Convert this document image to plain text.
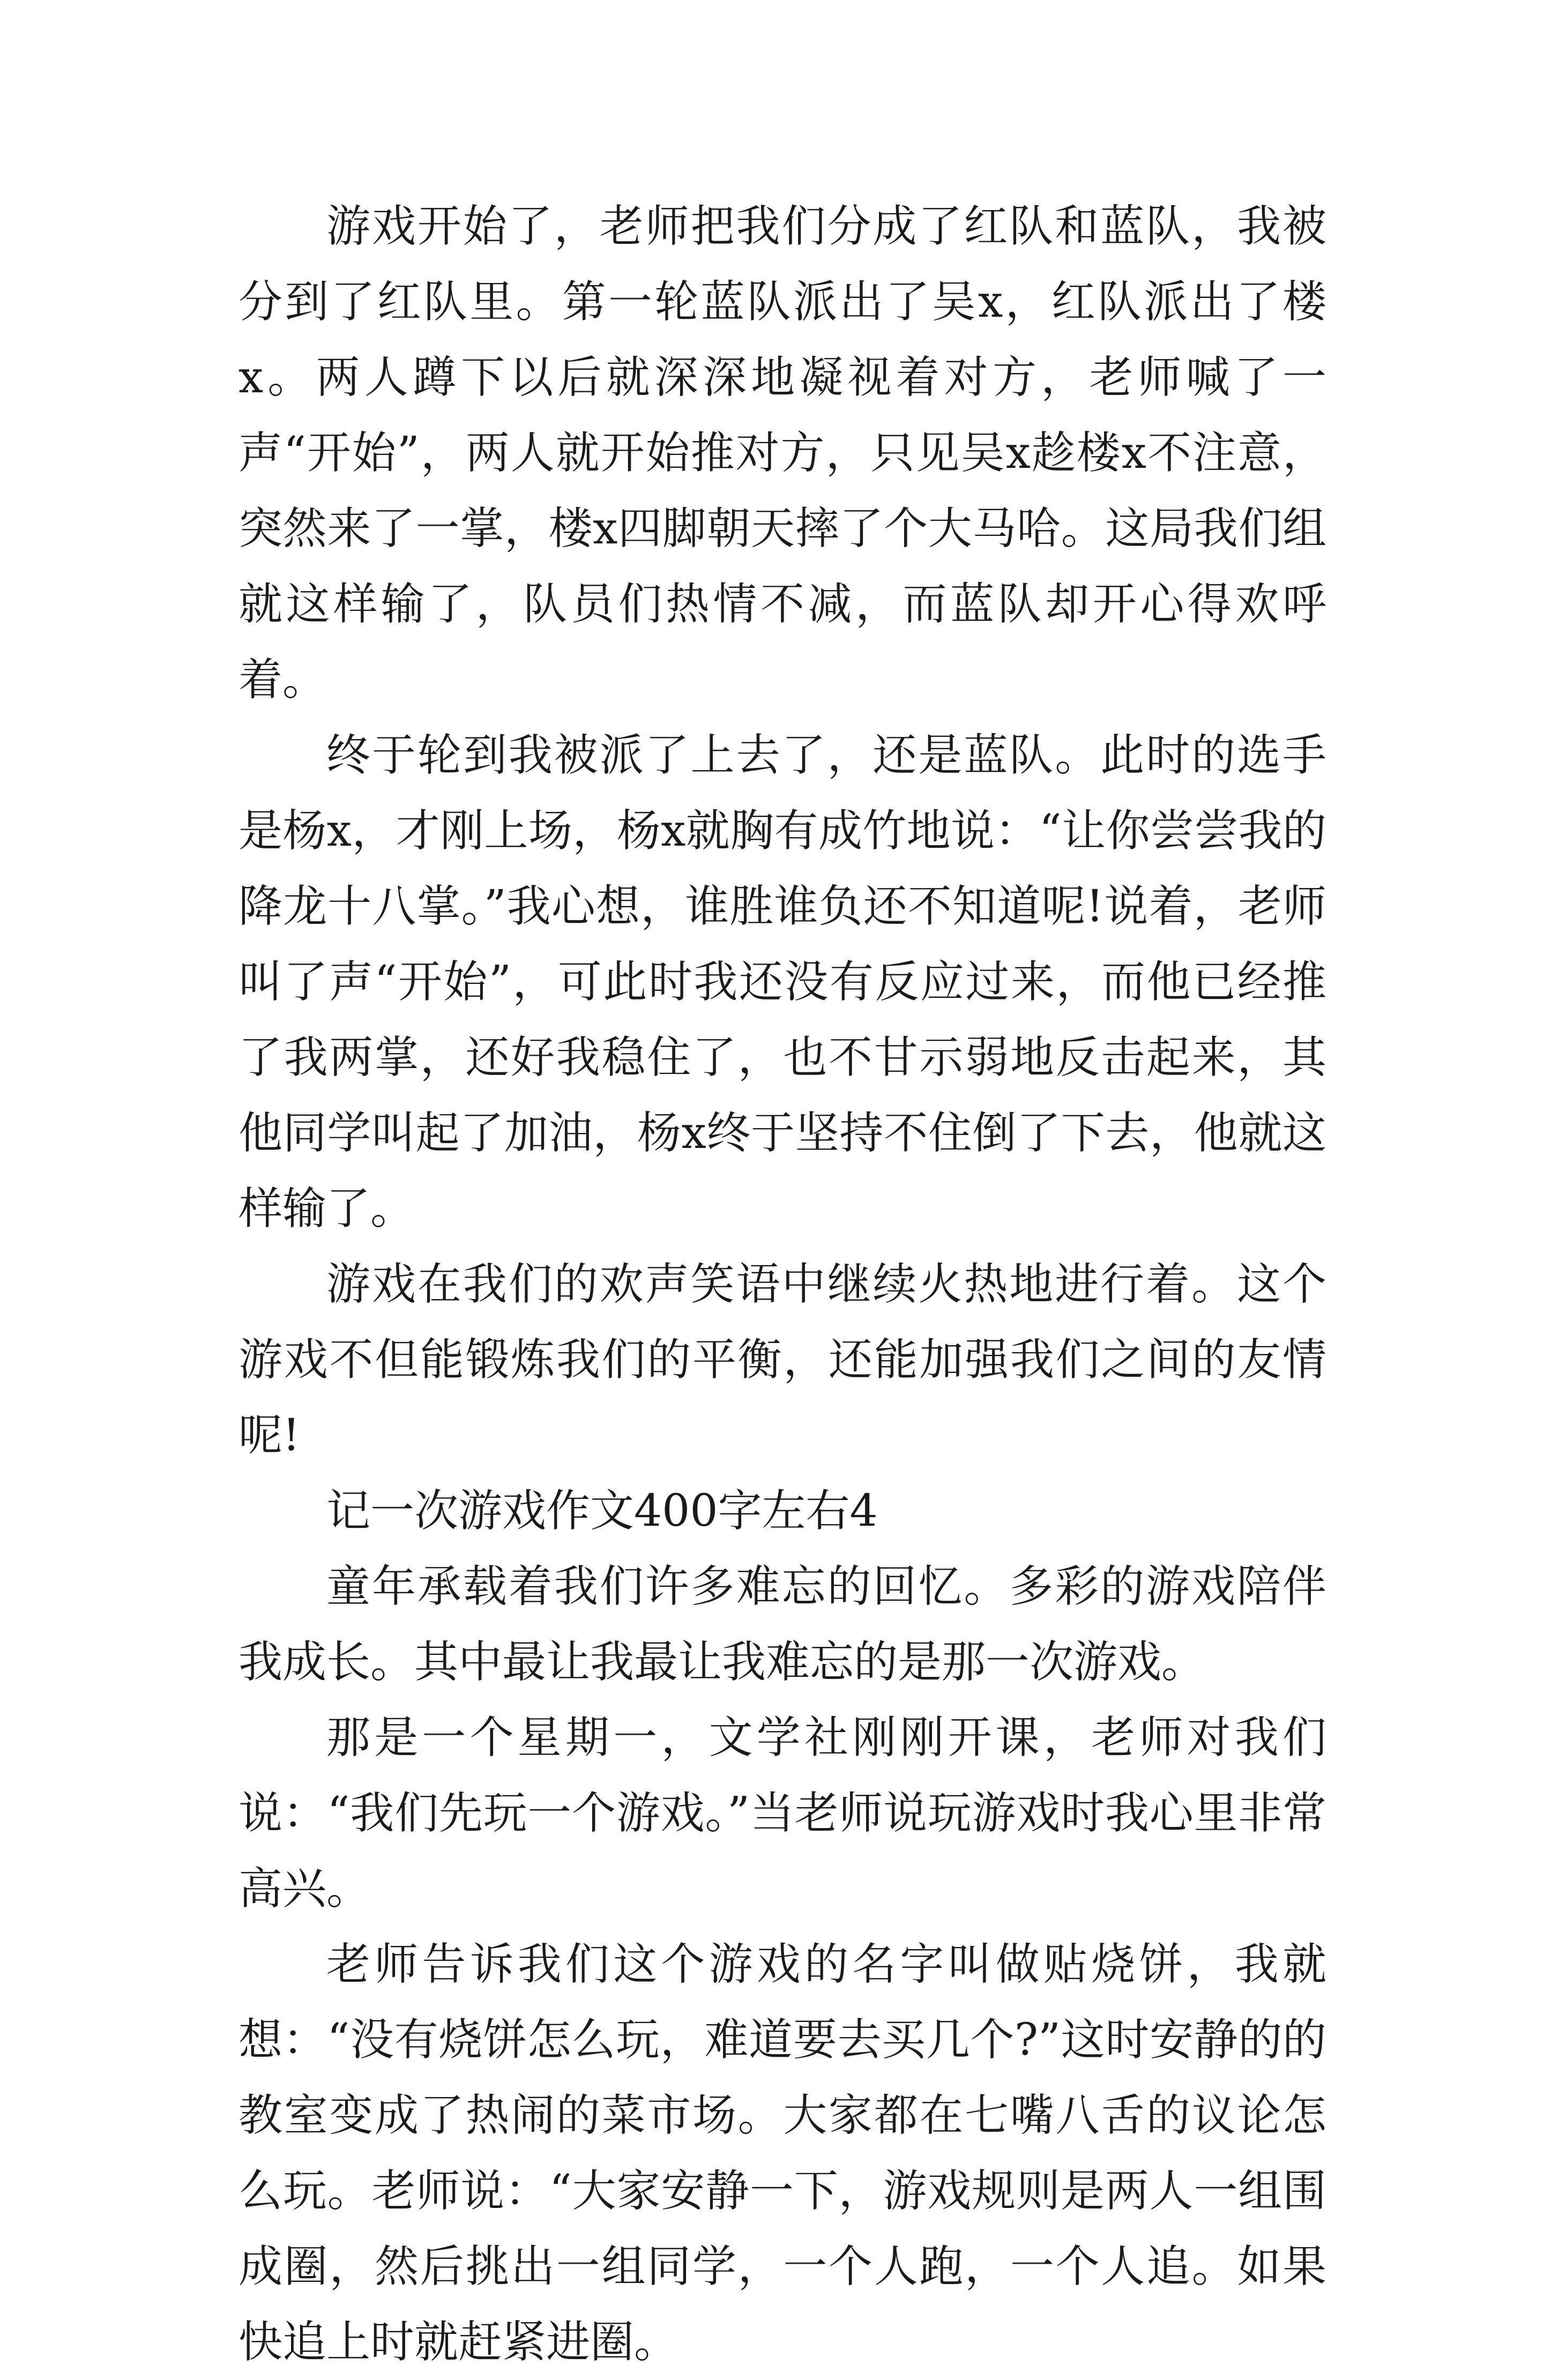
游戏开始了，老师把我们分成了红队和蓝队，我被分到了红队里。第一轮蓝队派出了吴x，红队派出了楼x。两人蹲下以后就深深地凝视着对方，老师喊了一声“开始”，两人就开始推对方，只见吴x趁楼x不注意，突然来了一掌，楼x四脚朝天摔了个大马哈。这局我们组就这样输了，队员们热情不减，而蓝队却开心得欢呼着。

终于轮到我被派了上去了，还是蓝队。此时的选手是杨x，才刚上场，杨x就胸有成竹地说：“让你尝尝我的降龙十八掌。”我心想，谁胜谁负还不知道呢!说着，老师叫了声“开始”，可此时我还没有反应过来，而他已经推了我两掌，还好我稳住了，也不甘示弱地反击起来，其他同学叫起了加油，杨x终于坚持不住倒了下去，他就这样输了。

游戏在我们的欢声笑语中继续火热地进行着。这个游戏不但能锻炼我们的平衡，还能加强我们之间的友情呢!

记一次游戏作文400字左右4

童年承载着我们许多难忘的回忆。多彩的游戏陪伴我成长。其中最让我最让我难忘的是那一次游戏。

那是一个星期一，文学社刚刚开课，老师对我们说：“我们先玩一个游戏。”当老师说玩游戏时我心里非常高兴。

老师告诉我们这个游戏的名字叫做贴烧饼，我就想：“没有烧饼怎么玩，难道要去买几个?”这时安静的的教室变成了热闹的菜市场。大家都在七嘴八舌的议论怎么玩。老师说：“大家安静一下，游戏规则是两人一组围成圈，然后挑出一组同学，一个人跑，一个人追。如果快追上时就赶紧进圈。
